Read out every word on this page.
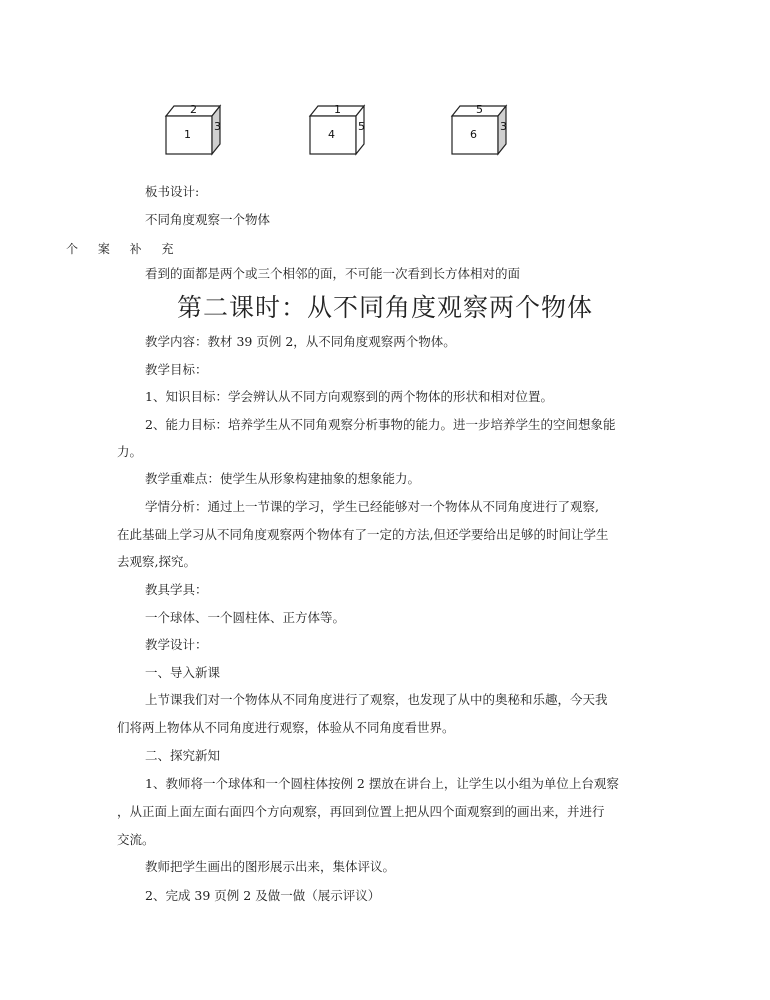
2
1
3
1
4
5
5
6
3
板书设计:
不同角度观察一个物体
个 案 补 充
看到的面都是两个或三个相邻的面，不可能一次看到长方体相对的面
第二课时：从不同角度观察两个物体
教学内容：教材 39 页例 2，从不同角度观察两个物体。
教学目标：
1、知识目标：学会辨认从不同方向观察到的两个物体的形状和相对位置。
2、能力目标：培养学生从不同角观察分析事物的能力。进一步培养学生的空间想象能
力。
教学重难点：使学生从形象构建抽象的想象能力。
学情分析：通过上一节课的学习，学生已经能够对一个物体从不同角度进行了观察,
在此基础上学习从不同角度观察两个物体有了一定的方法,但还学要给出足够的时间让学生
去观察,探究。
教具学具：
一个球体、一个圆柱体、正方体等。
教学设计：
一、导入新课
上节课我们对一个物体从不同角度进行了观察，也发现了从中的奥秘和乐趣，今天我
们将两上物体从不同角度进行观察，体验从不同角度看世界。
二、探究新知
1、教师将一个球体和一个圆柱体按例 2 摆放在讲台上，让学生以小组为单位上台观察
，从正面上面左面右面四个方向观察，再回到位置上把从四个面观察到的画出来，并进行
交流。
教师把学生画出的图形展示出来，集体评议。
2、完成 39 页例 2 及做一做（展示评议）
